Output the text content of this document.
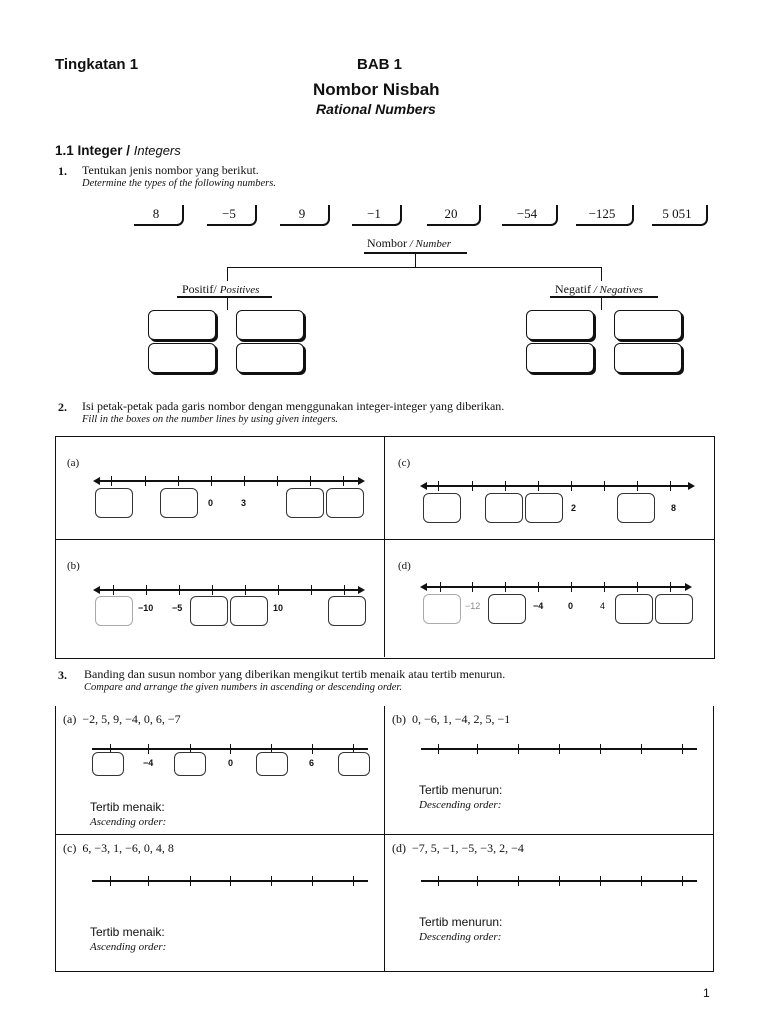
Tingkatan 1	BAB 1
Nombor Nisbah
Rational Numbers
1.1 Integer / Integers
1. Tentukan jenis nombor yang berikut.
Determine the types of the following numbers.
8	−5	9	−1	20	−54	−125	5 051
Nombor / Number
Positif/ Positives	Negatif / Negatives
2. Isi petak-petak pada garis nombor dengan menggunakan integer-integer yang diberikan.
Fill in the boxes on the number lines by using given integers.
(a)
0	3
(c)
2	8
(b)
−10 −5	10
(d)
−12	−4	0	4
3. Banding dan susun nombor yang diberikan mengikut tertib menaik atau tertib menurun.
Compare and arrange the given numbers in ascending or descending order.
(a) −2, 5, 9, −4, 0, 6, −7
−4	0	6
Tertib menaik:
Ascending order:
(b) 0, −6, 1, −4, 2, 5, −1
Tertib menurun:
Descending order:
(c) 6, −3, 1, −6, 0, 4, 8
Tertib menaik:
Ascending order:
(d) −7, 5, −1, −5, −3, 2, −4
Tertib menurun:
Descending order:
1
